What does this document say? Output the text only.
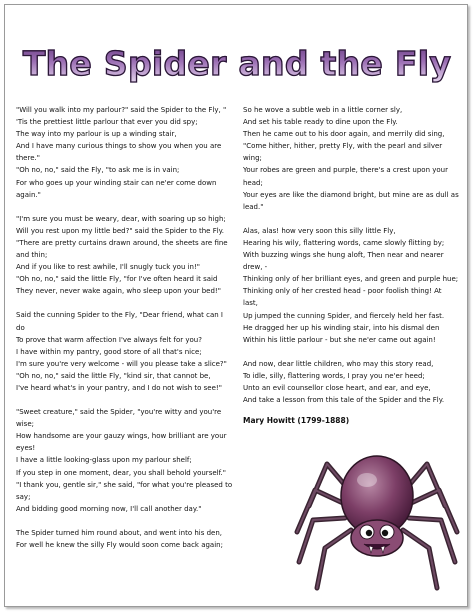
The Spider and the Fly
"Will you walk into my parlour?" said the Spider to the Fly, "
'Tis the prettiest little parlour that ever you did spy;
The way into my parlour is up a winding stair,
And I have many curious things to show you when you are
there."
"Oh no, no," said the Fly, "to ask me is in vain;
For who goes up your winding stair can ne'er come down
again."
"I'm sure you must be weary, dear, with soaring up so high;
Will you rest upon my little bed?" said the Spider to the Fly.
"There are pretty curtains drawn around, the sheets are fine
and thin;
And if you like to rest awhile, I'll snugly tuck you in!"
"Oh no, no," said the little Fly, "for I've often heard it said
They never, never wake again, who sleep upon your bed!"
Said the cunning Spider to the Fly, "Dear friend, what can I
do
To prove that warm affection I've always felt for you?
I have within my pantry, good store of all that's nice;
I'm sure you're very welcome - will you please take a slice?"
"Oh no, no," said the little Fly, "kind sir, that cannot be,
I've heard what's in your pantry, and I do not wish to see!"
"Sweet creature," said the Spider, "you're witty and you're
wise;
How handsome are your gauzy wings, how brilliant are your
eyes!
I have a little looking-glass upon my parlour shelf;
If you step in one moment, dear, you shall behold yourself."
"I thank you, gentle sir," she said, "for what you're pleased to
say;
And bidding good morning now, I'll call another day."
The Spider turned him round about, and went into his den,
For well he knew the silly Fly would soon come back again;
So he wove a subtle web in a little corner sly,
And set his table ready to dine upon the Fly.
Then he came out to his door again, and merrily did sing,
"Come hither, hither, pretty Fly, with the pearl and silver
wing;
Your robes are green and purple, there's a crest upon your
head;
Your eyes are like the diamond bright, but mine are as dull as
lead."
Alas, alas! how very soon this silly little Fly,
Hearing his wily, flattering words, came slowly flitting by;
With buzzing wings she hung aloft, Then near and nearer
drew, -
Thinking only of her brilliant eyes, and green and purple hue;
Thinking only of her crested head - poor foolish thing! At
last,
Up jumped the cunning Spider, and fiercely held her fast.
He dragged her up his winding stair, into his dismal den
Within his little parlour - but she ne'er came out again!
And now, dear little children, who may this story read,
To idle, silly, flattering words, I pray you ne'er heed;
Unto an evil counsellor close heart, and ear, and eye,
And take a lesson from this tale of the Spider and the Fly.
Mary Howitt (1799-1888)
